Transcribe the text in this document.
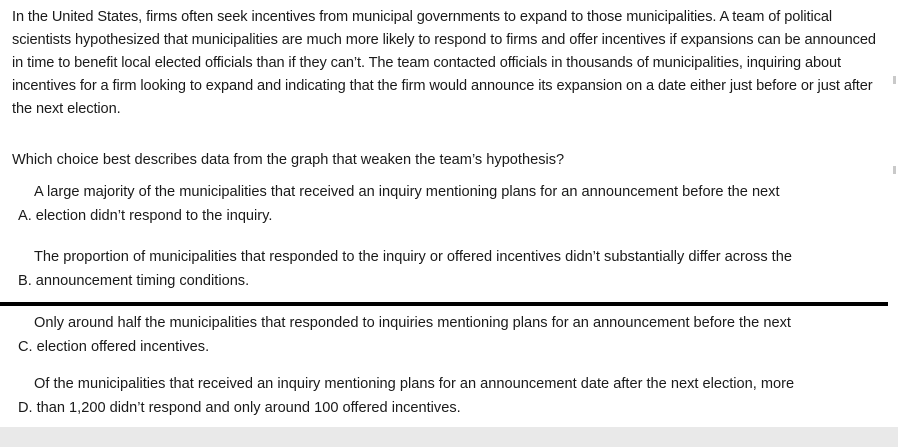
In the United States, firms often seek incentives from municipal governments to expand to those municipalities. A team of political scientists hypothesized that municipalities are much more likely to respond to firms and offer incentives if expansions can be announced in time to benefit local elected officials than if they can’t. The team contacted officials in thousands of municipalities, inquiring about incentives for a firm looking to expand and indicating that the firm would announce its expansion on a date either just before or just after the next election.

Which choice best describes data from the graph that weaken the team’s hypothesis?

A large majority of the municipalities that received an inquiry mentioning plans for an announcement before the next
A. election didn’t respond to the inquiry.
The proportion of municipalities that responded to the inquiry or offered incentives didn’t substantially differ across the
B. announcement timing conditions.
Only around half the municipalities that responded to inquiries mentioning plans for an announcement before the next
C. election offered incentives.
Of the municipalities that received an inquiry mentioning plans for an announcement date after the next election, more
D. than 1,200 didn’t respond and only around 100 offered incentives.
